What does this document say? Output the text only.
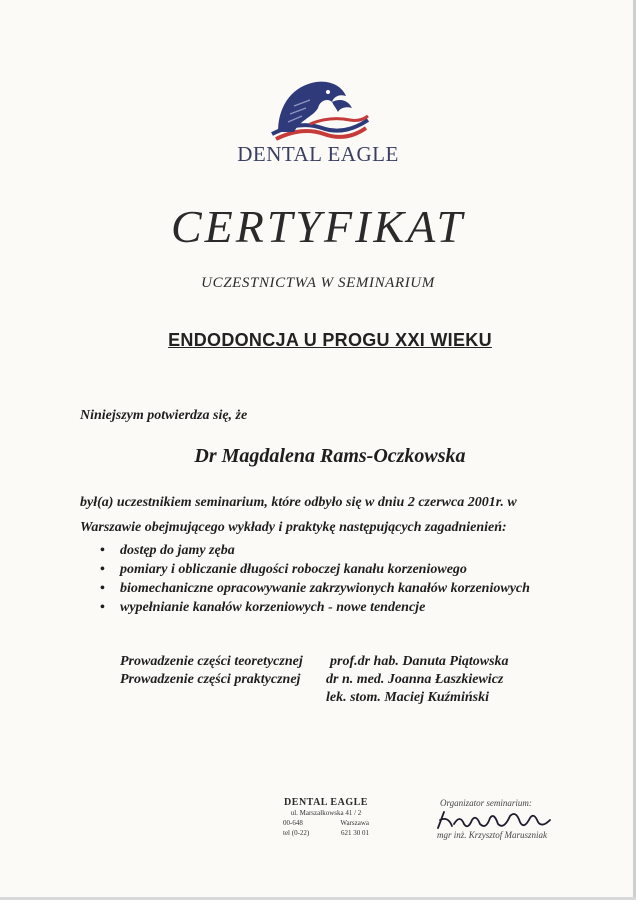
DENTAL EAGLE
CERTYFIKAT
UCZESTNICTWA W SEMINARIUM
ENDODONCJA U PROGU XXI WIEKU
Niniejszym potwierdza się, że
Dr Magdalena Rams-Oczkowska
był(a) uczestnikiem seminarium, które odbyło się w dniu 2 czerwca 2001r. w
Warszawie obejmującego wykłady i praktykę następujących zagadnienień:
• dostęp do jamy zęba
• pomiary i obliczanie długości roboczej kanału korzeniowego
• biomechaniczne opracowywanie zakrzywionych kanałów korzeniowych
• wypełnianie kanałów korzeniowych - nowe tendencje
Prowadzenie części teoretycznej prof.dr hab. Danuta Piątowska
Prowadzenie części praktycznej dr n. med. Joanna Łaszkiewicz
lek. stom. Maciej Kuźmiński
DENTAL EAGLE
ul. Marszałkowska 41 / 2
00-648	Warszawa
tel (0-22)	621 30 01
Organizator seminarium:
mgr inż. Krzysztof Maruszniak
